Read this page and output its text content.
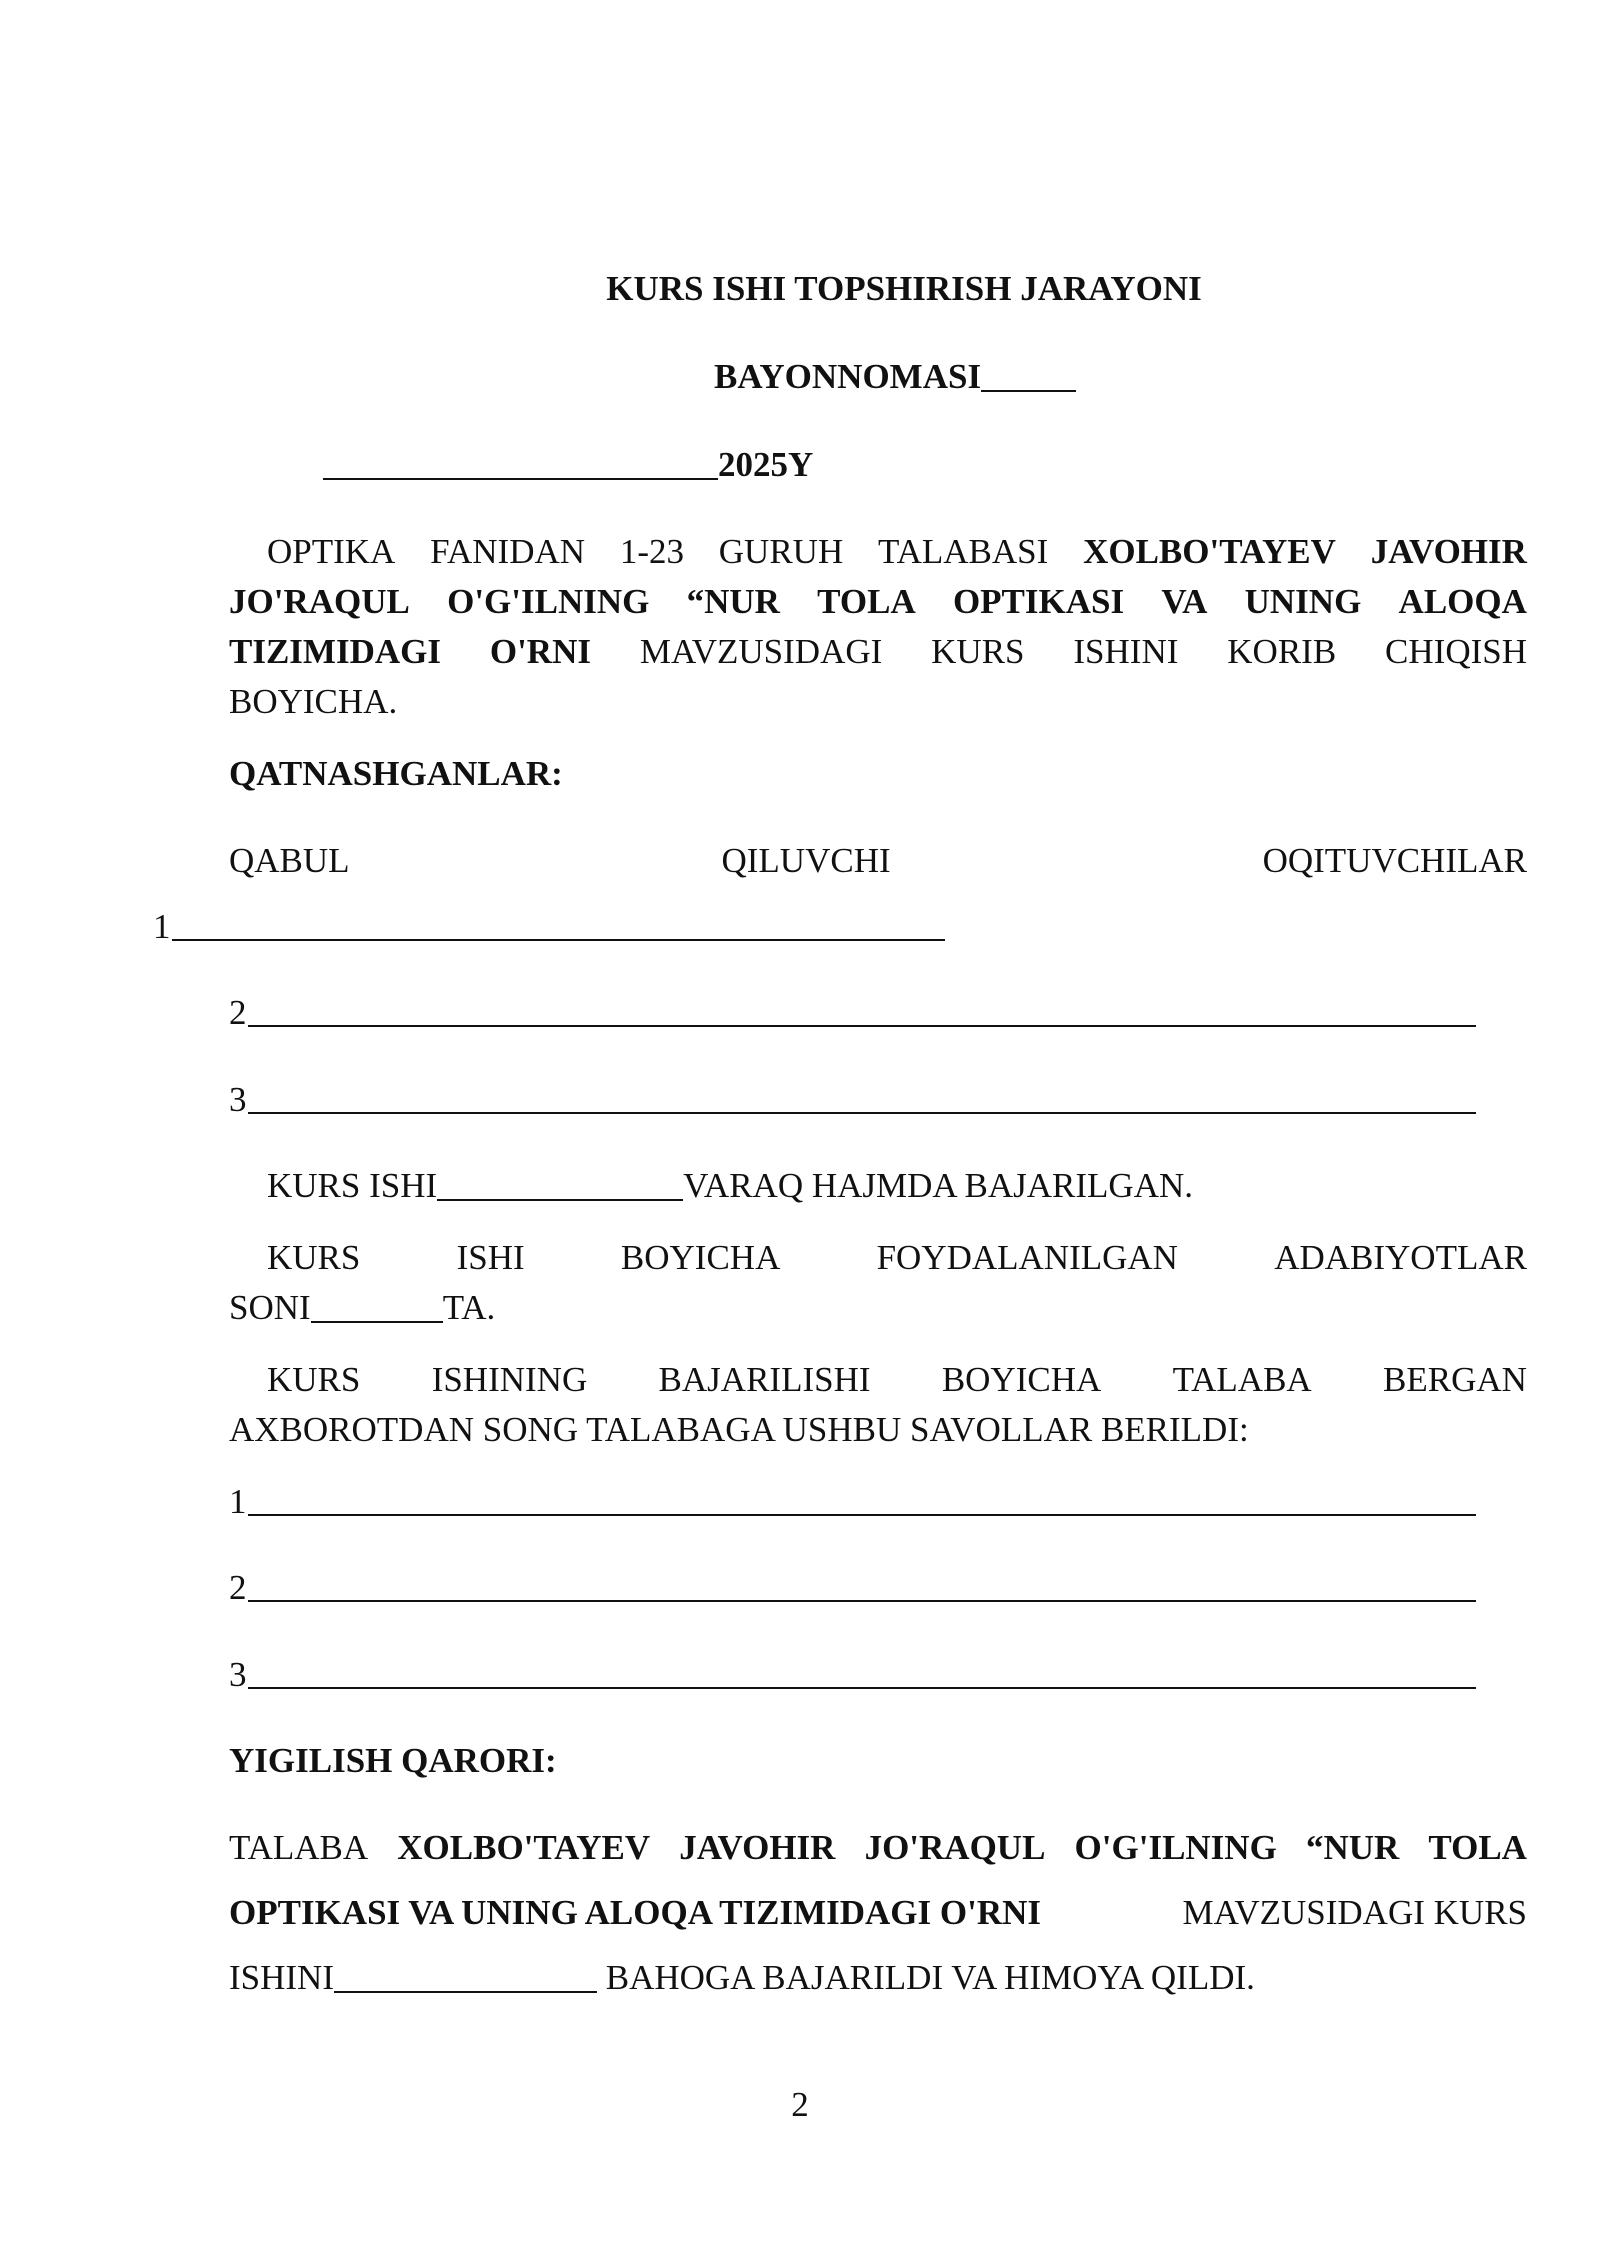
KURS ISHI TOPSHIRISH JARAYONI
BAYONNOMASI
2025Y
OPTIKA FANIDAN 1-23 GURUH TALABASI XOLBO'TAYEV JAVOHIR
JO'RAQUL O'G'ILNING “NUR TOLA OPTIKASI VA UNING ALOQA
TIZIMIDAGI O'RNI MAVZUSIDAGI KURS ISHINI KORIB CHIQISH
BOYICHA.
QATNASHGANLAR:
QABUL	QILUVCHI	OQITUVCHILAR
1
2
3
KURS ISHI	VARAQ HAJMDA BAJARILGAN.
KURS	ISHI	BOYICHA	FOYDALANILGAN	ADABIYOTLAR
SONI	TA.
KURS ISHINING BAJARILISHI BOYICHA TALABA BERGAN
AXBOROTDAN SONG TALABAGA USHBU SAVOLLAR BERILDI:
1
2
3
YIGILISH QARORI:
TALABA XOLBO'TAYEV JAVOHIR JO'RAQUL O'G'ILNING “NUR TOLA
OPTIKASI VA UNING ALOQA TIZIMIDAGI O'RNI	MAVZUSIDAGI KURS
ISHINI	BAHOGA BAJARILDI VA HIMOYA QILDI.
2
